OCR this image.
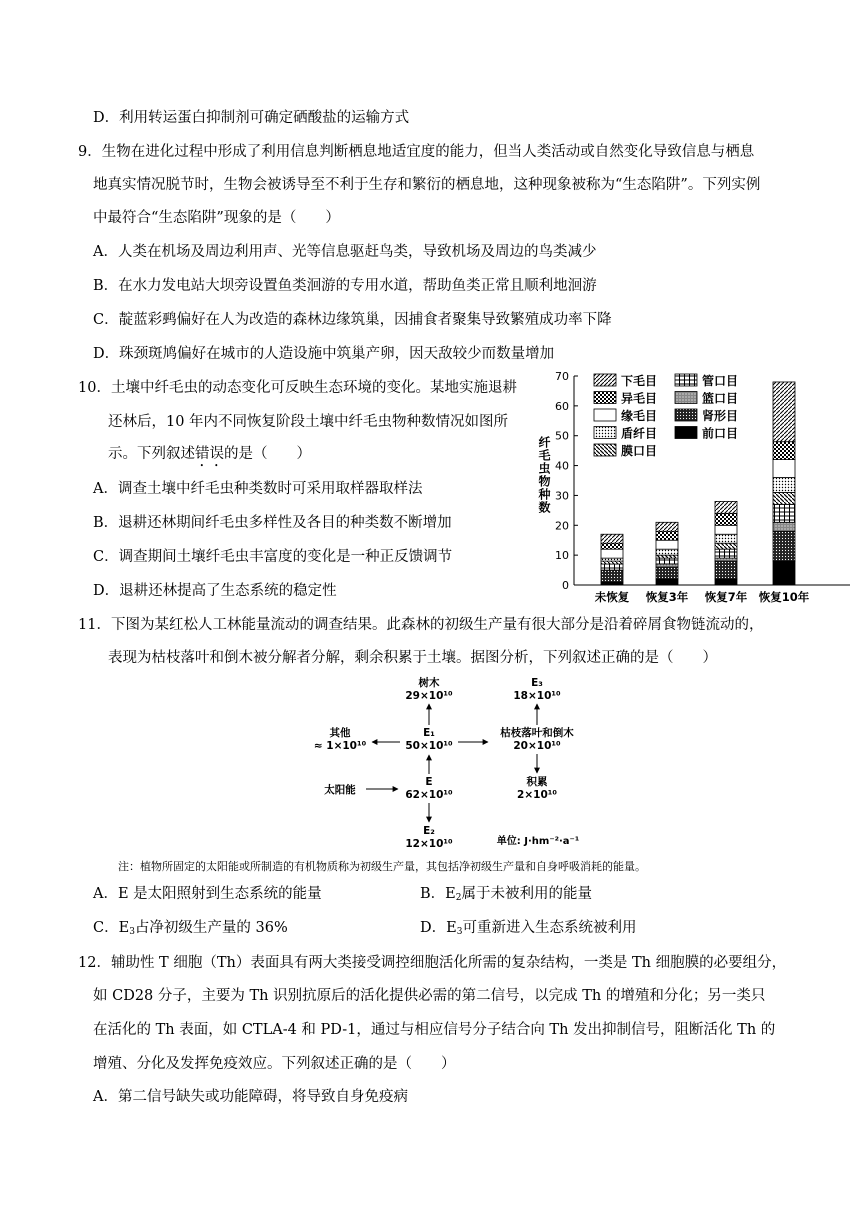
D．利用转运蛋白抑制剂可确定硒酸盐的运输方式
9．生物在进化过程中形成了利用信息判断栖息地适宜度的能力，但当人类活动或自然变化导致信息与栖息
地真实情况脱节时，生物会被诱导至不利于生存和繁衍的栖息地，这种现象被称为“生态陷阱”。下列实例
中最符合“生态陷阱”现象的是（　　）
A．人类在机场及周边利用声、光等信息驱赶鸟类，导致机场及周边的鸟类减少
B．在水力发电站大坝旁设置鱼类洄游的专用水道，帮助鱼类正常且顺利地洄游
C．靛蓝彩鹀偏好在人为改造的森林边缘筑巢，因捕食者聚集导致繁殖成功率下降
D．珠颈斑鸠偏好在城市的人造设施中筑巢产卵，因天敌较少而数量增加
10．土壤中纤毛虫的动态变化可反映生态环境的变化。某地实施退耕
还林后，10 年内不同恢复阶段土壤中纤毛虫物种数情况如图所
示。下列叙述错误的是（　　）
A．调查土壤中纤毛虫种类数时可采用取样器取样法
B．退耕还林期间纤毛虫多样性及各目的种类数不断增加
C．调查期间土壤纤毛虫丰富度的变化是一种正反馈调节
D．退耕还林提高了生态系统的稳定性	0
10
20
30
40
50
60
70
未恢复 恢复3年 恢复7年 恢复10年
下毛目	管口目
异毛目	篮口目
缘毛目	肾形目
盾纤目	前口目
膜口目
纤毛虫物种数
11．下图为某红松人工林能量流动的调查结果。此森林的初级生产量有很大部分是沿着碎屑食物链流动的，
表现为枯枝落叶和倒木被分解者分解，剩余积累于土壤。据图分析，下列叙述正确的是（　　）
树木
29×10¹⁰
E₃
18×10¹⁰
其他
≈ 1×10¹⁰
E₁
50×10¹⁰
枯枝落叶和倒木
20×10¹⁰
E
62×10¹⁰
太阳能
积累
2×10¹⁰
E₂
12×10¹⁰	单位: J·hm⁻²·a⁻¹
注：植物所固定的太阳能或所制造的有机物质称为初级生产量，其包括净初级生产量和自身呼吸消耗的能量。
A．E 是太阳照射到生态系统的能量	B．$E_2$属于未被利用的能量
C．$E_3$占净初级生产量的 36%	D．$E_3$可重新进入生态系统被利用
12．辅助性 T 细胞（Th）表面具有两大类接受调控细胞活化所需的复杂结构，一类是 Th 细胞膜的必要组分，
如 CD28 分子，主要为 Th 识别抗原后的活化提供必需的第二信号，以完成 Th 的增殖和分化；另一类只
在活化的 Th 表面，如 CTLA-4 和 PD-1，通过与相应信号分子结合向 Th 发出抑制信号，阻断活化 Th 的
增殖、分化及发挥免疫效应。下列叙述正确的是（　　）
A．第二信号缺失或功能障碍，将导致自身免疫病
